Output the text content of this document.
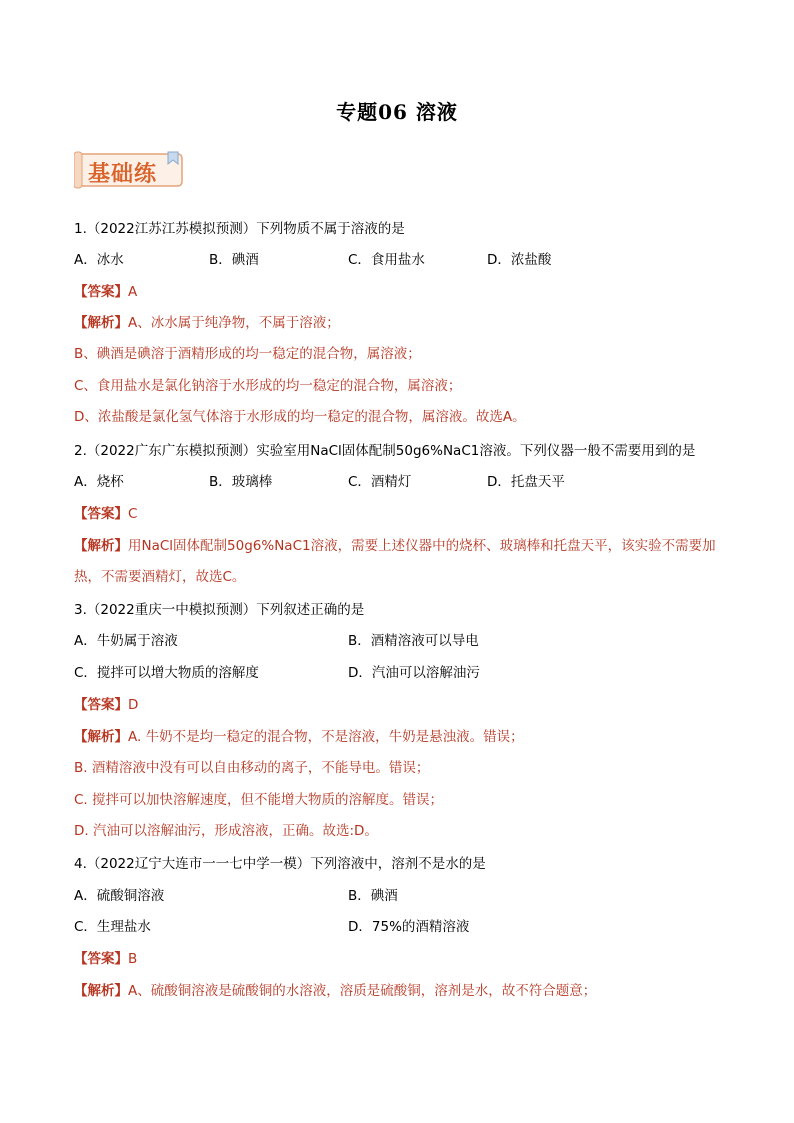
专题06 溶液
基础练
1.（2022江苏江苏模拟预测）下列物质不属于溶液的是
A．冰水	B．碘酒	C．食用盐水	D．浓盐酸
【答案】A
【解析】A、冰水属于纯净物，不属于溶液；
B、碘酒是碘溶于酒精形成的均一稳定的混合物，属溶液；
C、食用盐水是氯化钠溶于水形成的均一稳定的混合物，属溶液；
D、浓盐酸是氯化氢气体溶于水形成的均一稳定的混合物，属溶液。故选A。
2.（2022广东广东模拟预测）实验室用NaCl固体配制50g6%NaC1溶液。下列仪器一般不需要用到的是
A．烧杯	B．玻璃棒	C．酒精灯	D．托盘天平
【答案】C
【解析】用NaCl固体配制50g6%NaC1溶液，需要上述仪器中的烧杯、玻璃棒和托盘天平，该实验不需要加
热，不需要酒精灯，故选C。
3.（2022重庆一中模拟预测）下列叙述正确的是
A．牛奶属于溶液	B．酒精溶液可以导电
C．搅拌可以增大物质的溶解度	D．汽油可以溶解油污
【答案】D
【解析】A. 牛奶不是均一稳定的混合物，不是溶液，牛奶是悬浊液。错误；
B. 酒精溶液中没有可以自由移动的离子，不能导电。错误；
C. 搅拌可以加快溶解速度，但不能增大物质的溶解度。错误；
D. 汽油可以溶解油污，形成溶液，正确。故选:D。
4.（2022辽宁大连市一一七中学一模）下列溶液中，溶剂不是水的是
A．硫酸铜溶液	B．碘酒
C．生理盐水	D．75%的酒精溶液
【答案】B
【解析】A、硫酸铜溶液是硫酸铜的水溶液，溶质是硫酸铜，溶剂是水，故不符合题意；
